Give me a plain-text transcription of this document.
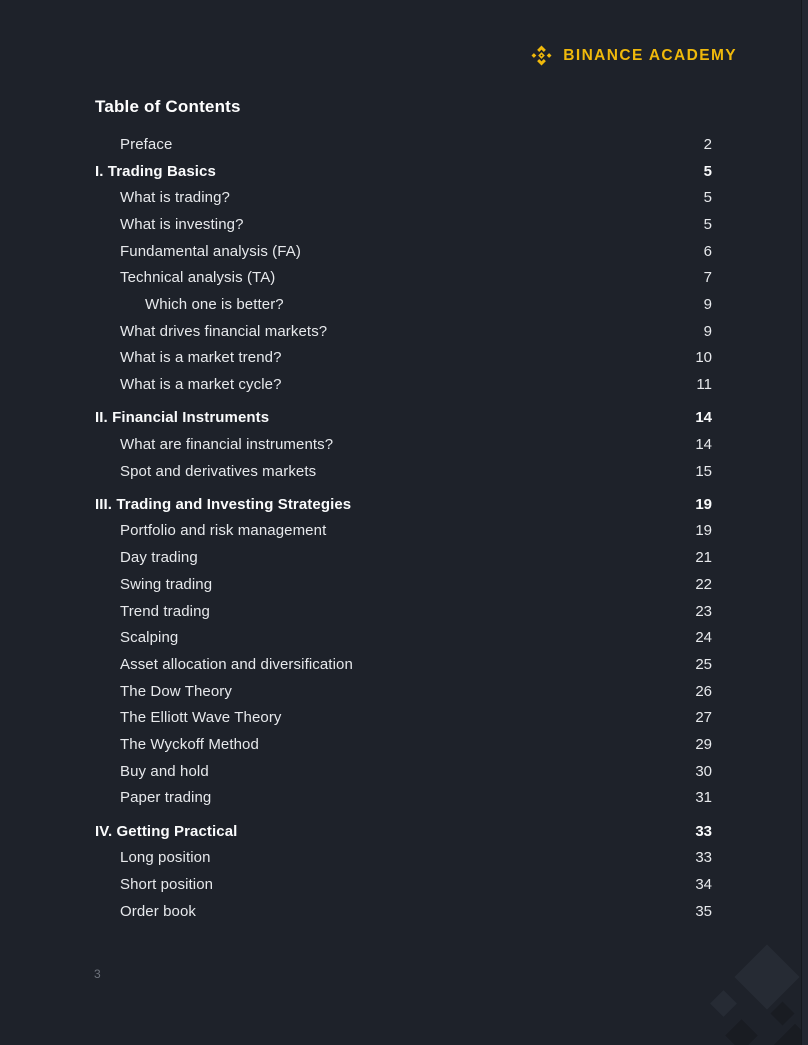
BINANCE ACADEMY
Table of Contents
Preface	2
I. Trading Basics	5
What is trading?	5
What is investing?	5
Fundamental analysis (FA)	6
Technical analysis (TA)	7
Which one is better?	9
What drives financial markets?	9
What is a market trend?	10
What is a market cycle?	11
II. Financial Instruments	14
What are financial instruments?	14
Spot and derivatives markets	15
III. Trading and Investing Strategies	19
Portfolio and risk management	19
Day trading	21
Swing trading	22
Trend trading	23
Scalping	24
Asset allocation and diversification	25
The Dow Theory	26
The Elliott Wave Theory	27
The Wyckoff Method	29
Buy and hold	30
Paper trading	31
IV. Getting Practical	33
Long position	33
Short position	34
Order book	35
3
